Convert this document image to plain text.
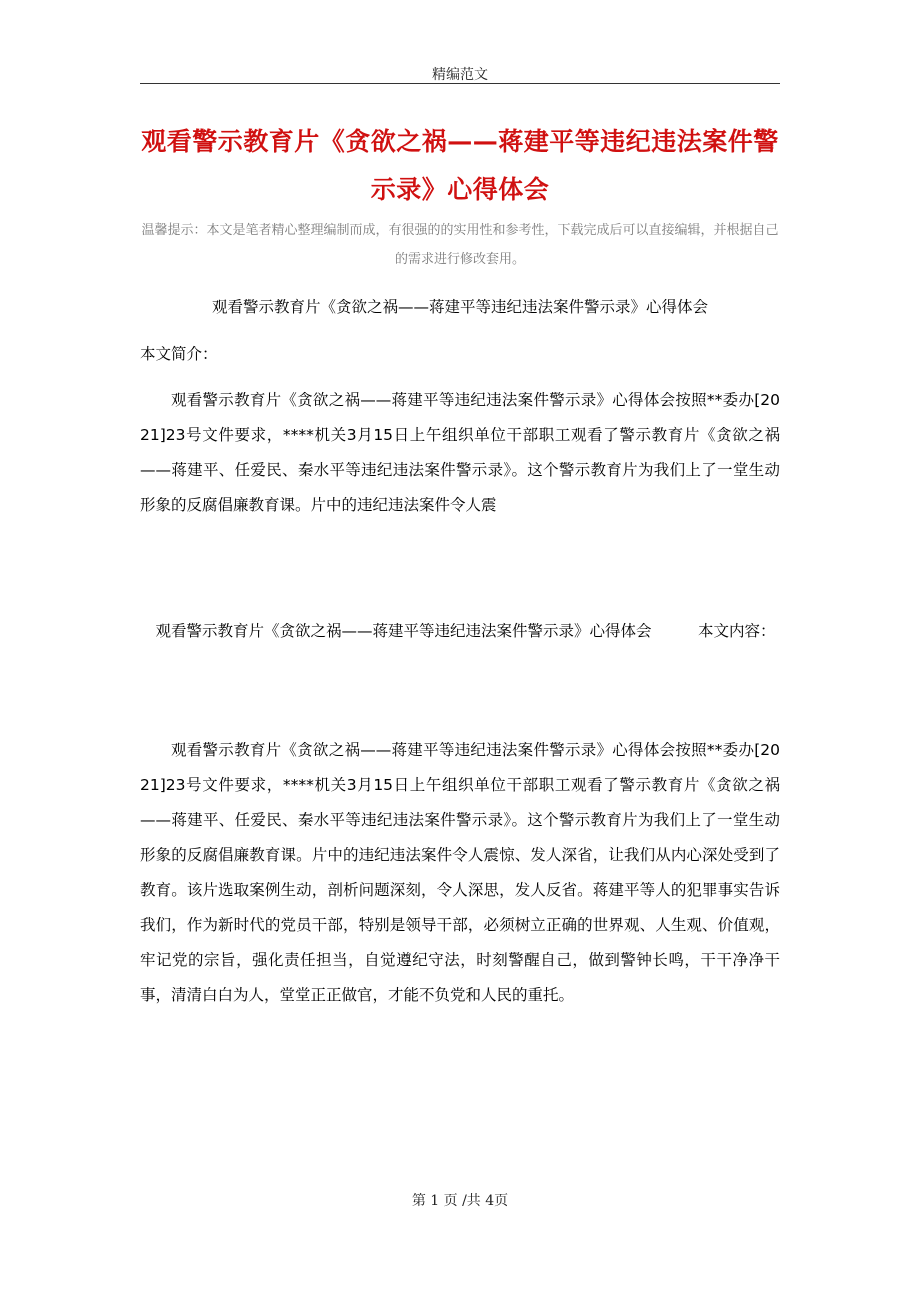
精编范文
观看警示教育片《贪欲之祸——蒋建平等违纪违法案件警示录》心得体会
温馨提示：本文是笔者精心整理编制而成，有很强的的实用性和参考性，下载完成后可以直接编辑，并根据自己的需求进行修改套用。
观看警示教育片《贪欲之祸——蒋建平等违纪违法案件警示录》心得体会
本文简介：
观看警示教育片《贪欲之祸——蒋建平等违纪违法案件警示录》心得体会按照**委办[2021]23号文件要求，****机关3月15日上午组织单位干部职工观看了警示教育片《贪欲之祸——蒋建平、任爱民、秦水平等违纪违法案件警示录》。这个警示教育片为我们上了一堂生动形象的反腐倡廉教育课。片中的违纪违法案件令人震
观看警示教育片《贪欲之祸——蒋建平等违纪违法案件警示录》心得体会	本文内容：
观看警示教育片《贪欲之祸——蒋建平等违纪违法案件警示录》心得体会按照**委办[2021]23号文件要求，****机关3月15日上午组织单位干部职工观看了警示教育片《贪欲之祸——蒋建平、任爱民、秦水平等违纪违法案件警示录》。这个警示教育片为我们上了一堂生动形象的反腐倡廉教育课。片中的违纪违法案件令人震惊、发人深省，让我们从内心深处受到了教育。该片选取案例生动，剖析问题深刻，令人深思，发人反省。蒋建平等人的犯罪事实告诉我们，作为新时代的党员干部，特别是领导干部，必须树立正确的世界观、人生观、价值观，牢记党的宗旨，强化责任担当，自觉遵纪守法，时刻警醒自己，做到警钟长鸣，干干净净干事，清清白白为人，堂堂正正做官，才能不负党和人民的重托。
第 1 页 /共 4页
